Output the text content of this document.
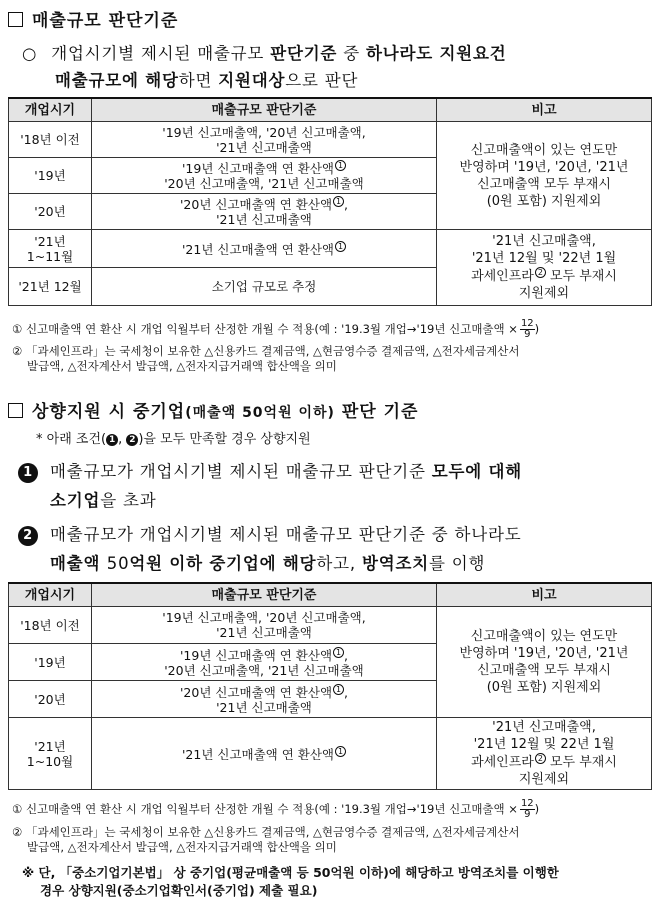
매출규모 판단기준
○ 개업시기별 제시된 매출규모 판단기준 중 하나라도 지원요건
매출규모에 해당하면 지원대상으로 판단
개업시기	매출규모 판단기준	비고
'18년 이전	'19년 신고매출액, '20년 신고매출액,
'21년 신고매출액	신고매출액이 있는 연도만
반영하며 '19년, '20년, '21년
신고매출액 모두 부재시
(0원 포함) 지원제외
'19년	'19년 신고매출액 연 환산액 1
'20년 신고매출액, '21년 신고매출액	
'20년	'20년 신고매출액 연 환산액 1 ,
'21년 신고매출액	
'21년
1~11월	'21년 신고매출액 연 환산액 1	'21년 신고매출액,
'21년 12월 및 '22년 1월
과세인프라 2 모두 부재시
지원제외
'21년 12월	소기업 규모로 추정	
① 신고매출액 연 환산 시 개업 익월부터 산정한 개월 수 적용(예 : '19.3월 개업→'19년 신고매출액 × $\frac{12}{9}$ )
② 「과세인프라」는 국세청이 보유한 △신용카드 결제금액, △현금영수증 결제금액, △전자세금계산서
발급액, △전자계산서 발급액, △전자지급거래액 합산액을 의미
상향지원 시 중기업(매출액 50억원 이하) 판단 기준
* 아래 조건( 1 , 2 )을 모두 만족할 경우 상향지원
1 매출규모가 개업시기별 제시된 매출규모 판단기준 모두에 대해
소기업을 초과
2 매출규모가 개업시기별 제시된 매출규모 판단기준 중 하나라도
매출액 50억원 이하 중기업에 해당하고, 방역조치를 이행
개업시기	매출규모 판단기준	비고
'18년 이전	'19년 신고매출액, '20년 신고매출액,
'21년 신고매출액	신고매출액이 있는 연도만
반영하며 '19년, '20년, '21년
신고매출액 모두 부재시
(0원 포함) 지원제외
'19년	'19년 신고매출액 연 환산액 1 ,
'20년 신고매출액, '21년 신고매출액	
'20년	'20년 신고매출액 연 환산액 1 ,
'21년 신고매출액	
'21년
1~10월	'21년 신고매출액 연 환산액 1	'21년 신고매출액,
'21년 12월 및 22년 1월
과세인프라 2 모두 부재시
지원제외
① 신고매출액 연 환산 시 개업 익월부터 산정한 개월 수 적용(예 : '19.3월 개업→'19년 신고매출액 × $\frac{12}{9}$ )
② 「과세인프라」는 국세청이 보유한 △신용카드 결제금액, △현금영수증 결제금액, △전자세금계산서
발급액, △전자계산서 발급액, △전자지급거래액 합산액을 의미
※ 단, 「중소기업기본법」 상 중기업(평균매출액 등 50억원 이하)에 해당하고 방역조치를 이행한
경우 상향지원(중소기업확인서(중기업) 제출 필요)
